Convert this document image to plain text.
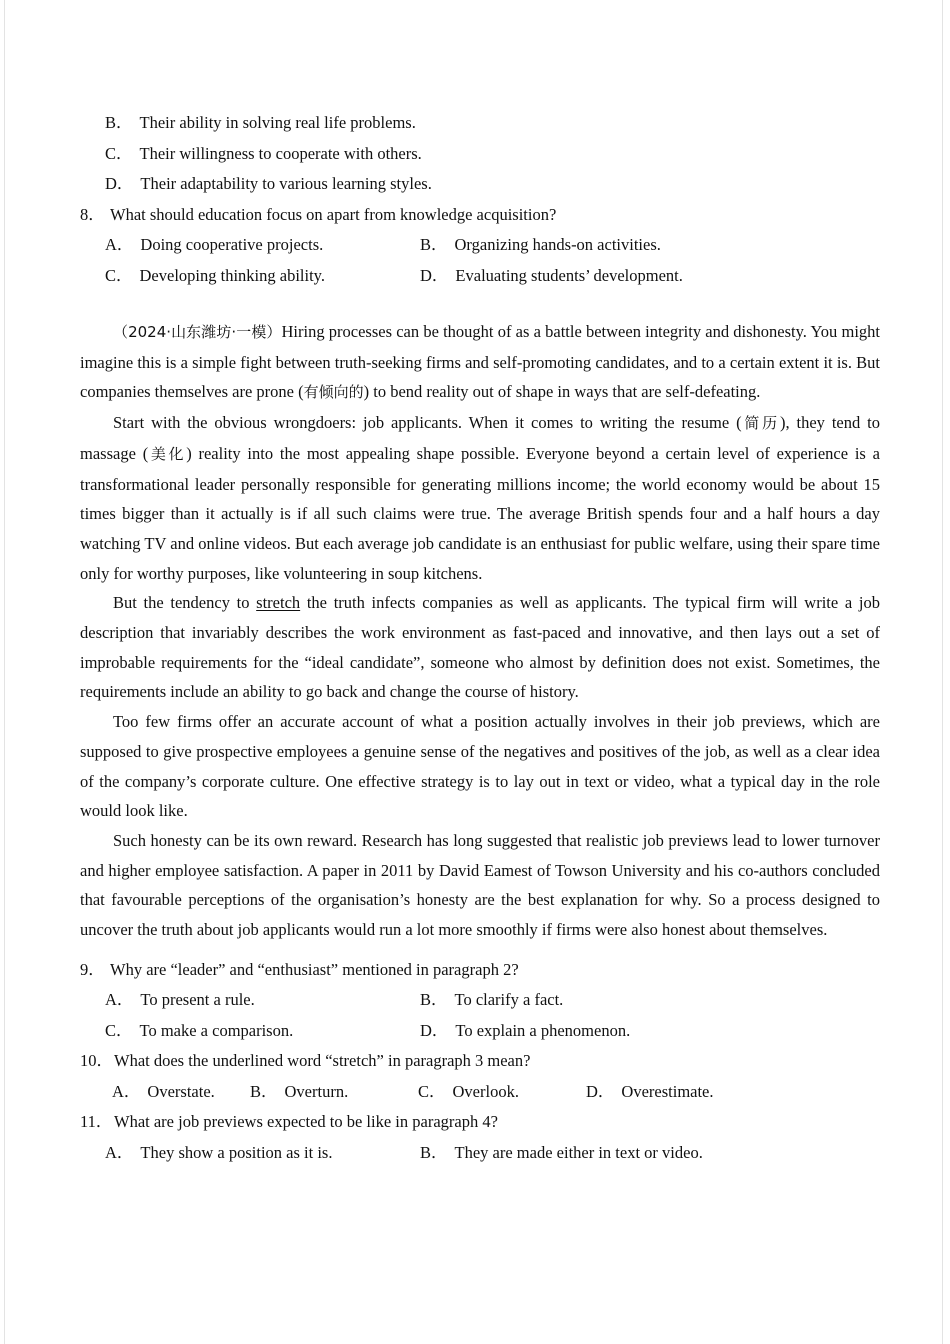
B． Their ability in solving real life problems.
C． Their willingness to cooperate with others.
D． Their adaptability to various learning styles.
8． What should education focus on apart from knowledge acquisition?
A． Doing cooperative projects.	B． Organizing hands-on activities.
C． Developing thinking ability.	D． Evaluating students’ development.

（2024·山东潍坊·一模）Hiring processes can be thought of as a battle between integrity and dishonesty. You might imagine this is a simple fight between truth-seeking firms and self-promoting candidates, and to a certain extent it is. But companies themselves are prone (有倾向的) to bend reality out of shape in ways that are self-defeating.

Start with the obvious wrongdoers: job applicants. When it comes to writing the resume (简历), they tend to massage (美化) reality into the most appealing shape possible. Everyone beyond a certain level of experience is a transformational leader personally responsible for generating millions income; the world economy would be about 15 times bigger than it actually is if all such claims were true. The average British spends four and a half hours a day watching TV and online videos. But each average job candidate is an enthusiast for public welfare, using their spare time only for worthy purposes, like volunteering in soup kitchens.

But the tendency to stretch the truth infects companies as well as applicants. The typical firm will write a job description that invariably describes the work environment as fast-paced and innovative, and then lays out a set of improbable requirements for the “ideal candidate”, someone who almost by definition does not exist. Sometimes, the requirements include an ability to go back and change the course of history.

Too few firms offer an accurate account of what a position actually involves in their job previews, which are supposed to give prospective employees a genuine sense of the negatives and positives of the job, as well as a clear idea of the company’s corporate culture. One effective strategy is to lay out in text or video, what a typical day in the role would look like.

Such honesty can be its own reward. Research has long suggested that realistic job previews lead to lower turnover and higher employee satisfaction. A paper in 2011 by David Eamest of Towson University and his co-authors concluded that favourable perceptions of the organisation’s honesty are the best explanation for why. So a process designed to uncover the truth about job applicants would run a lot more smoothly if firms were also honest about themselves.

9． Why are “leader” and “enthusiast” mentioned in paragraph 2?
A． To present a rule.	B． To clarify a fact.
C． To make a comparison.	D． To explain a phenomenon.
10．What does the underlined word “stretch” in paragraph 3 mean?
A． Overstate. B． Overturn.	C． Overlook.	D． Overestimate.
11．What are job previews expected to be like in paragraph 4?
A． They show a position as it is.	B． They are made either in text or video.
